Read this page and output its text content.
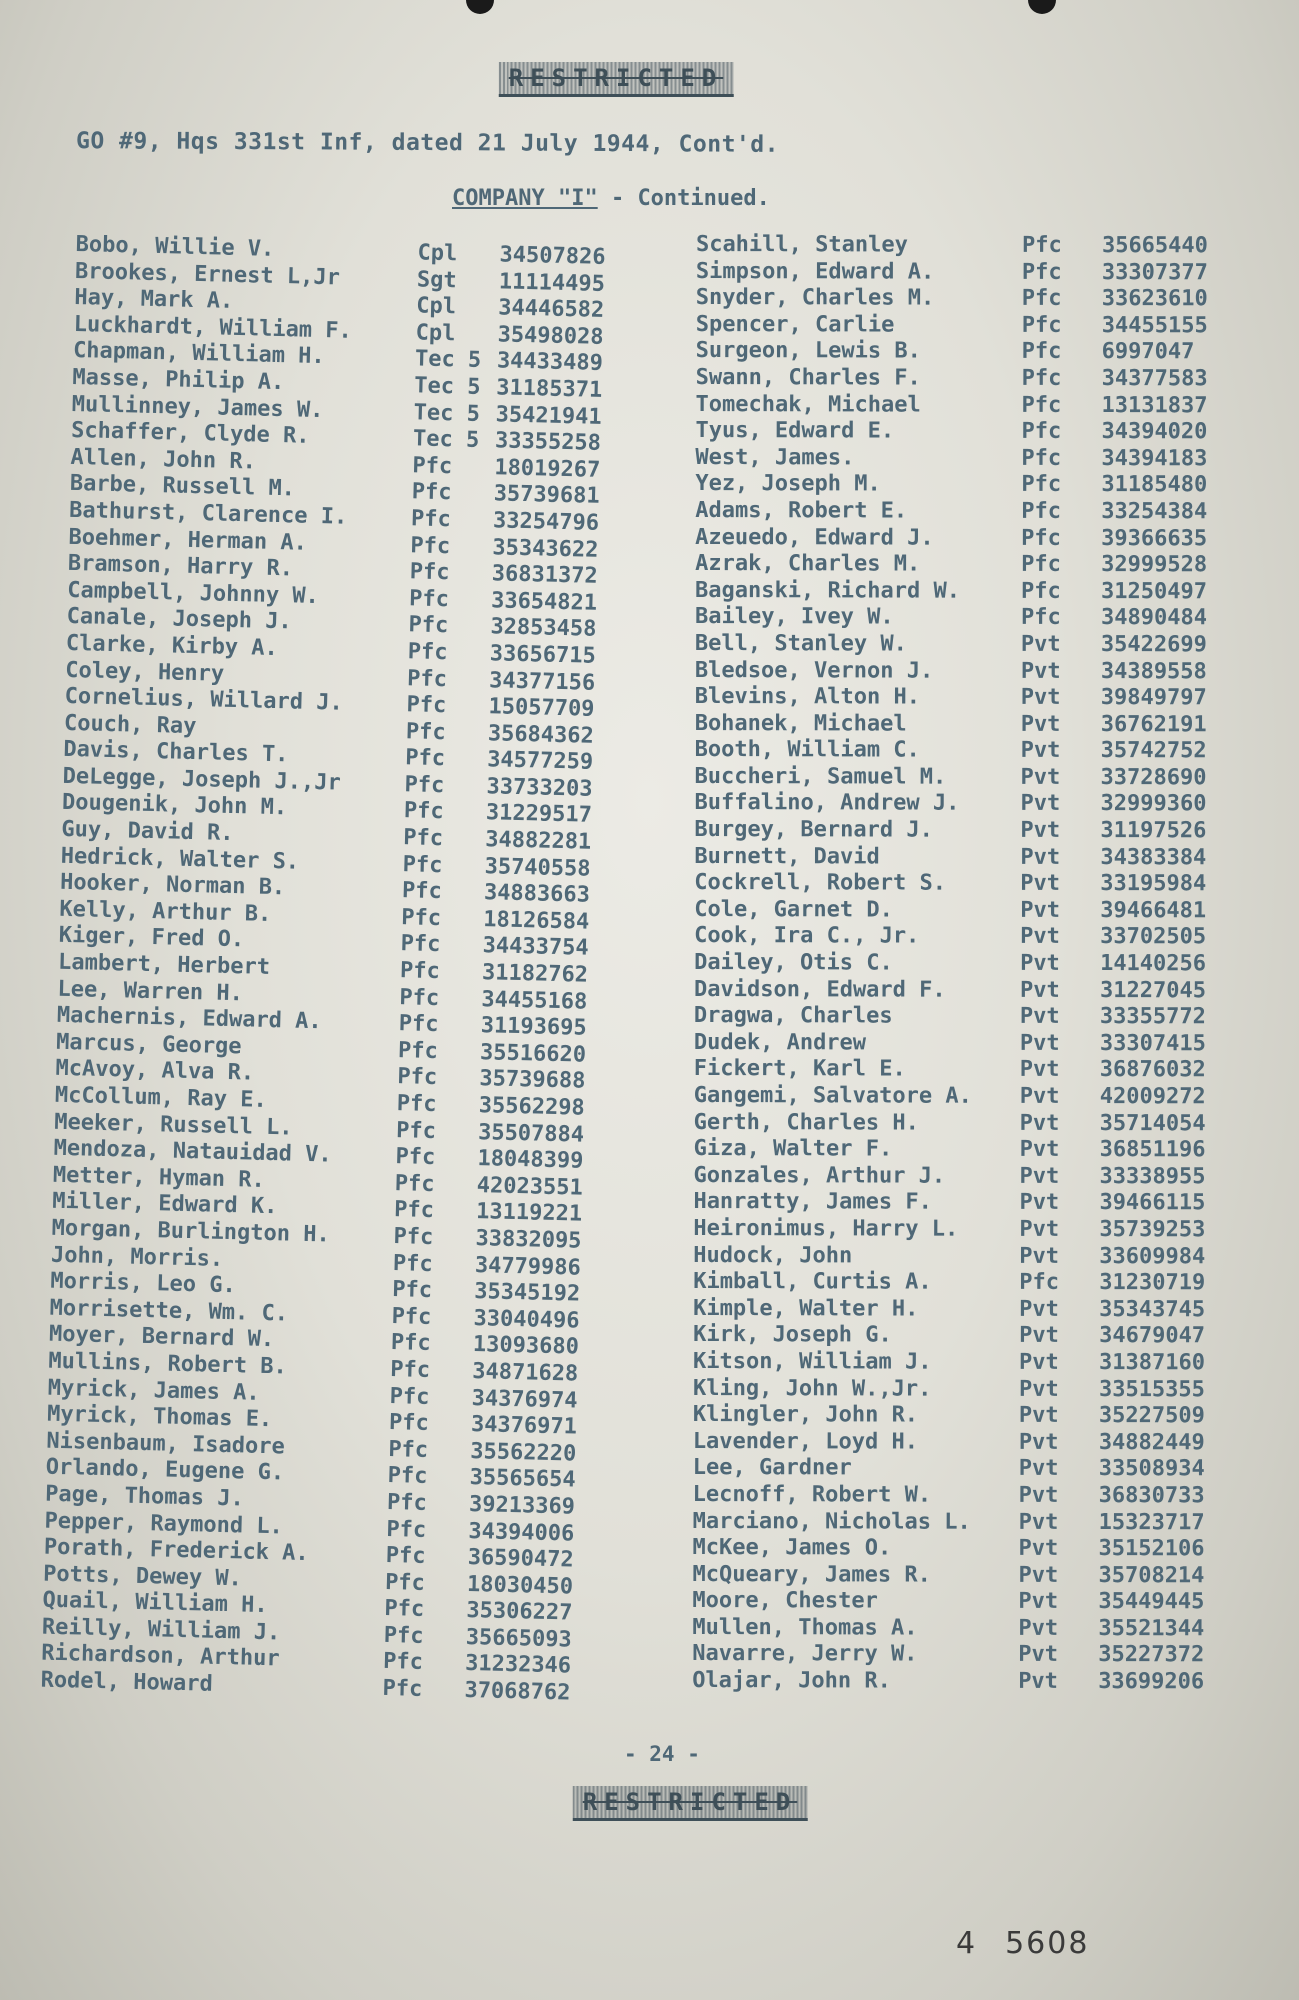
RESTRICTED
GO #9, Hqs 331st Inf, dated 21 July 1944, Cont'd.
COMPANY "I" - Continued.
Bobo, Willie V.	Cpl 34507826
Brookes, Ernest L,Jr	Sgt 11114495
Hay, Mark A.	Cpl 34446582
Luckhardt, William F.	Cpl 35498028
Chapman, William H.	Tec 5 34433489
Masse, Philip A.	Tec 5 31185371
Mullinney, James W.	Tec 5 35421941
Schaffer, Clyde R.	Tec 5 33355258
Allen, John R.	Pfc 18019267
Barbe, Russell M.	Pfc 35739681
Bathurst, Clarence I.	Pfc 33254796
Boehmer, Herman A.	Pfc 35343622
Bramson, Harry R.	Pfc 36831372
Campbell, Johnny W.	Pfc 33654821
Canale, Joseph J.	Pfc 32853458
Clarke, Kirby A.	Pfc 33656715
Coley, Henry	Pfc 34377156
Cornelius, Willard J.	Pfc 15057709
Couch, Ray	Pfc 35684362
Davis, Charles T.	Pfc 34577259
DeLegge, Joseph J.,Jr	Pfc 33733203
Dougenik, John M.	Pfc 31229517
Guy, David R.	Pfc 34882281
Hedrick, Walter S.	Pfc 35740558
Hooker, Norman B.	Pfc 34883663
Kelly, Arthur B.	Pfc 18126584
Kiger, Fred O.	Pfc 34433754
Lambert, Herbert	Pfc 31182762
Lee, Warren H.	Pfc 34455168
Machernis, Edward A.	Pfc 31193695
Marcus, George	Pfc 35516620
McAvoy, Alva R.	Pfc 35739688
McCollum, Ray E.	Pfc 35562298
Meeker, Russell L.	Pfc 35507884
Mendoza, Natauidad V.	Pfc 18048399
Metter, Hyman R.	Pfc 42023551
Miller, Edward K.	Pfc 13119221
Morgan, Burlington H.	Pfc 33832095
John, Morris.	Pfc 34779986
Morris, Leo G.	Pfc 35345192
Morrisette, Wm. C.	Pfc 33040496
Moyer, Bernard W.	Pfc 13093680
Mullins, Robert B.	Pfc 34871628
Myrick, James A.	Pfc 34376974
Myrick, Thomas E.	Pfc 34376971
Nisenbaum, Isadore	Pfc 35562220
Orlando, Eugene G.	Pfc 35565654
Page, Thomas J.	Pfc 39213369
Pepper, Raymond L.	Pfc 34394006
Porath, Frederick A.	Pfc 36590472
Potts, Dewey W.	Pfc 18030450
Quail, William H.	Pfc 35306227
Reilly, William J.	Pfc 35665093
Richardson, Arthur	Pfc 31232346
Rodel, Howard	Pfc 37068762
Scahill, Stanley	Pfc 35665440
Simpson, Edward A.	Pfc 33307377
Snyder, Charles M.	Pfc 33623610
Spencer, Carlie	Pfc 34455155
Surgeon, Lewis B.	Pfc 6997047
Swann, Charles F.	Pfc 34377583
Tomechak, Michael	Pfc 13131837
Tyus, Edward E.	Pfc 34394020
West, James.	Pfc 34394183
Yez, Joseph M.	Pfc 31185480
Adams, Robert E.	Pfc 33254384
Azeuedo, Edward J.	Pfc 39366635
Azrak, Charles M.	Pfc 32999528
Baganski, Richard W.	Pfc 31250497
Bailey, Ivey W.	Pfc 34890484
Bell, Stanley W.	Pvt 35422699
Bledsoe, Vernon J.	Pvt 34389558
Blevins, Alton H.	Pvt 39849797
Bohanek, Michael	Pvt 36762191
Booth, William C.	Pvt 35742752
Buccheri, Samuel M.	Pvt 33728690
Buffalino, Andrew J.	Pvt 32999360
Burgey, Bernard J.	Pvt 31197526
Burnett, David	Pvt 34383384
Cockrell, Robert S.	Pvt 33195984
Cole, Garnet D.	Pvt 39466481
Cook, Ira C., Jr.	Pvt 33702505
Dailey, Otis C.	Pvt 14140256
Davidson, Edward F.	Pvt 31227045
Dragwa, Charles	Pvt 33355772
Dudek, Andrew	Pvt 33307415
Fickert, Karl E.	Pvt 36876032
Gangemi, Salvatore A. Pvt 42009272
Gerth, Charles H.	Pvt 35714054
Giza, Walter F.	Pvt 36851196
Gonzales, Arthur J.	Pvt 33338955
Hanratty, James F.	Pvt 39466115
Heironimus, Harry L.	Pvt 35739253
Hudock, John	Pvt 33609984
Kimball, Curtis A.	Pfc 31230719
Kimple, Walter H.	Pvt 35343745
Kirk, Joseph G.	Pvt 34679047
Kitson, William J.	Pvt 31387160
Kling, John W.,Jr.	Pvt 33515355
Klingler, John R.	Pvt 35227509
Lavender, Loyd H.	Pvt 34882449
Lee, Gardner	Pvt 33508934
Lecnoff, Robert W.	Pvt 36830733
Marciano, Nicholas L. Pvt 15323717
McKee, James O.	Pvt 35152106
McQueary, James R.	Pvt 35708214
Moore, Chester	Pvt 35449445
Mullen, Thomas A.	Pvt 35521344
Navarre, Jerry W.	Pvt 35227372
Olajar, John R.	Pvt 33699206
- 24 -
RESTRICTED
4 5608
